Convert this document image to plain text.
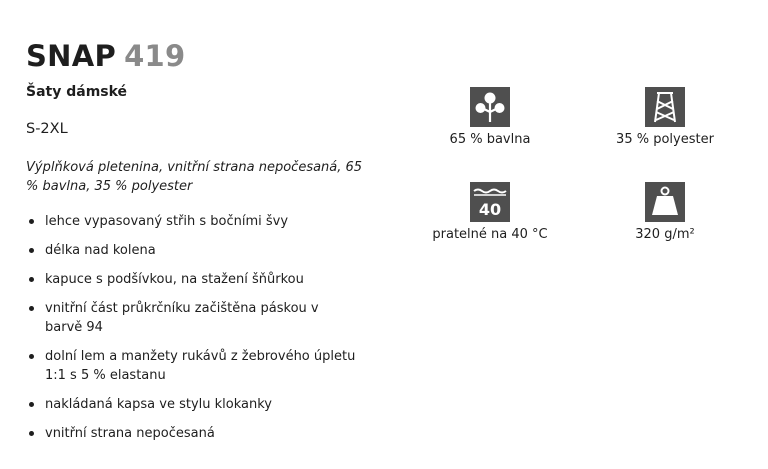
SNAP 419
Šaty dámské
S-2XL
Výplňková pletenina, vnitřní strana nepočesaná, 65 % bavlna, 35 % polyester
lehce vypasovaný střih s bočními švy
délka nad kolena
kapuce s podšívkou, na stažení šňůrkou
vnitřní část průkrčníku začištěna páskou v barvě 94
dolní lem a manžety rukávů z žebrového úpletu 1:1 s 5 % elastanu
nakládaná kapsa ve stylu klokanky
vnitřní strana nepočesaná
65 % bavlna	35 % polyester
40
pratelné na 40 °C	320 g/m²
